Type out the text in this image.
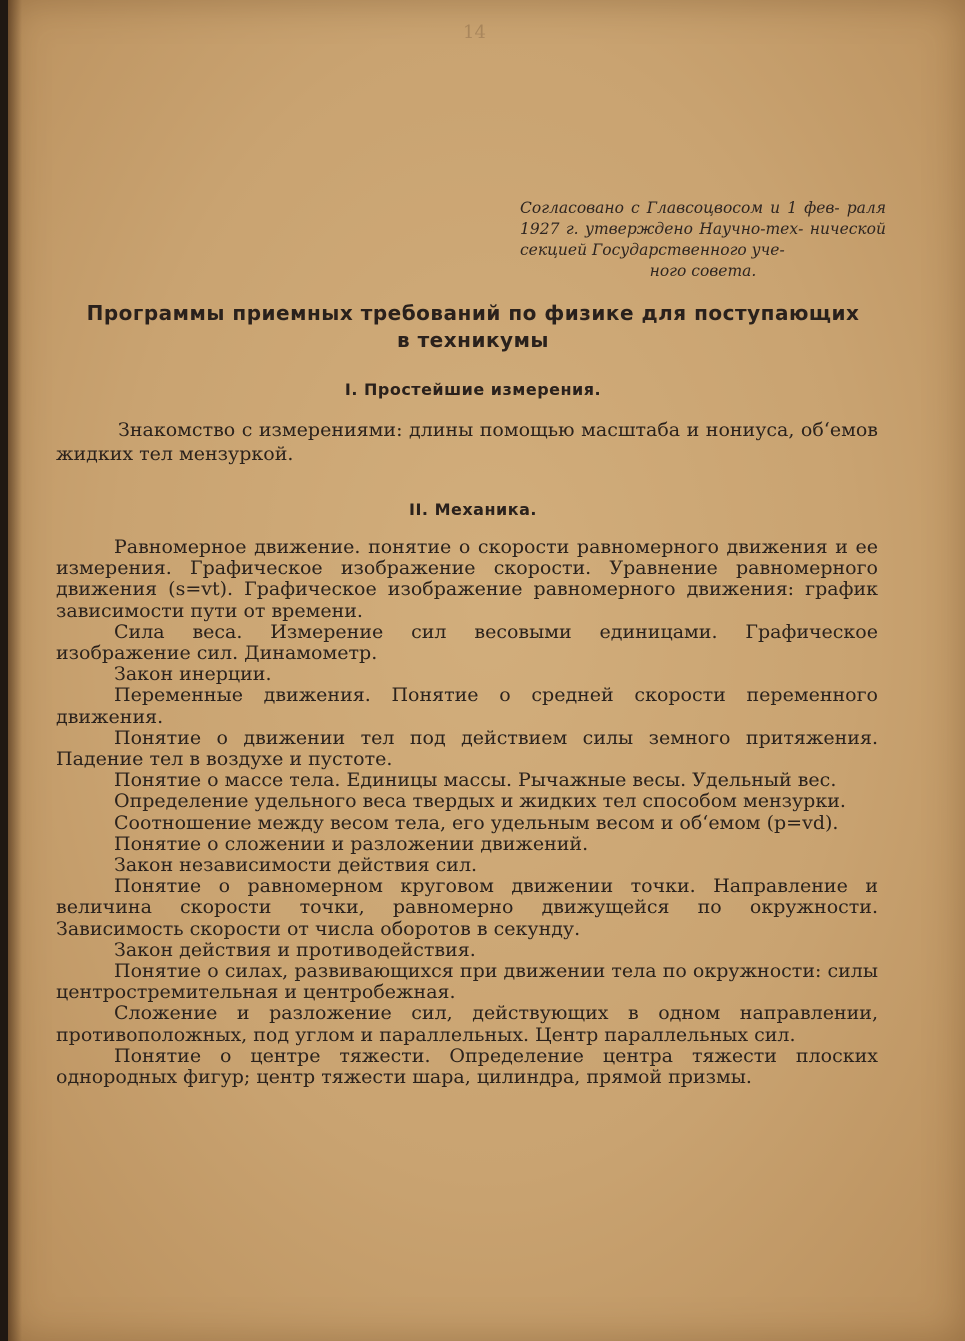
14
Согласовано с Главсоцвосом и 1 фев- раля 1927 г. утверждено Научно-тех- нической секцией Государственного уче-
ного совета.
Программы приемных требований по физике для поступающих
в техникумы
I. Простейшие измерения.

Знакомство с измерениями: длины помощью масштаба и нониуса, об‘емов жидких тел мензуркой.

II. Механика.

Равномерное движение. понятие о скорости равномерного движения и ее измерения. Графическое изображение скорости. Уравнение равномерного движения (s=vt). Графическое изображение равномерного движения: график зависимости пути от времени.

Сила веса. Измерение сил весовыми единицами. Графическое изображение сил. Динамометр.

Закон инерции.

Переменные движения. Понятие о средней скорости переменного движения.

Понятие о движении тел под действием силы земного притяжения. Падение тел в воздухе и пустоте.

Понятие о массе тела. Единицы массы. Рычажные весы. Удельный вес.

Определение удельного веса твердых и жидких тел способом мензурки.

Соотношение между весом тела, его удельным весом и об‘емом (p=vd).

Понятие о сложении и разложении движений.

Закон независимости действия сил.

Понятие о равномерном круговом движении точки. Направление и величина скорости точки, равномерно движущейся по окружности. Зависимость скорости от числа оборотов в секунду.

Закон действия и противодействия.

Понятие о силах, развивающихся при движении тела по окружности: силы центростремительная и центробежная.

Сложение и разложение сил, действующих в одном направлении, противоположных, под углом и параллельных. Центр параллельных сил.

Понятие о центре тяжести. Определение центра тяжести плоских однородных фигур; центр тяжести шара, цилиндра, прямой призмы.
